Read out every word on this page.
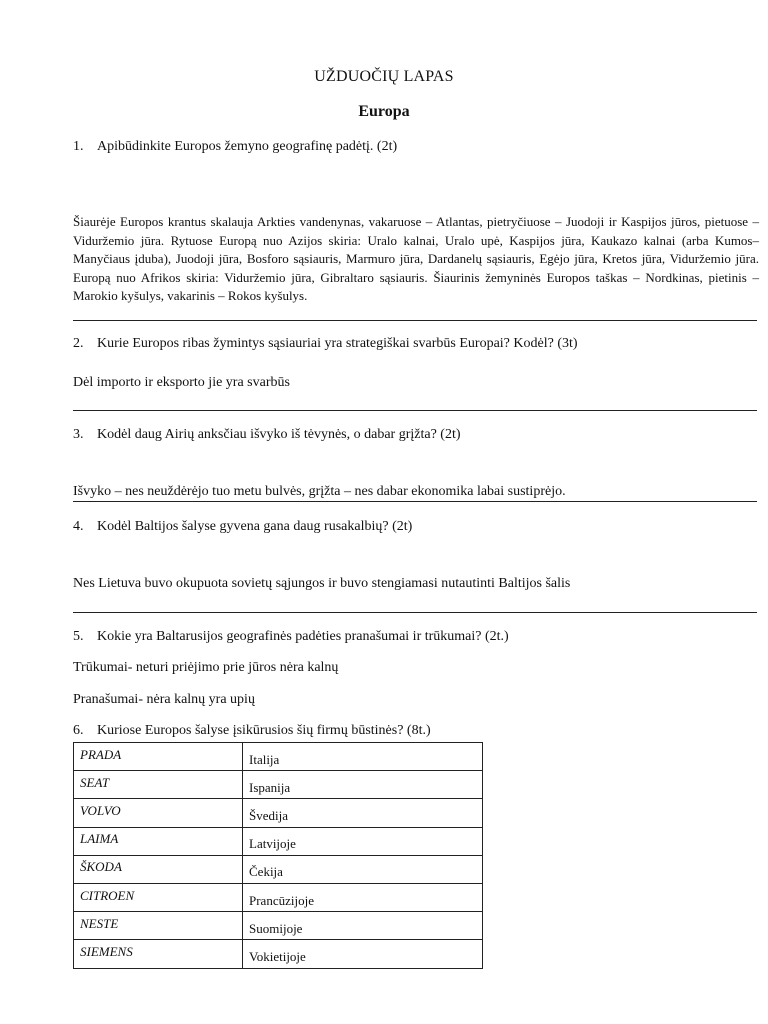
UŽDUOČIŲ LAPAS
Europa
1. Apibūdinkite Europos žemyno geografinę padėtį. (2t)
Šiaurėje Europos krantus skalauja Arkties vandenynas, vakaruose – Atlantas, pietryčiuose – Juodoji ir Kaspijos jūros, pietuose – Viduržemio jūra. Rytuose Europą nuo Azijos skiria: Uralo kalnai, Uralo upė, Kaspijos jūra, Kaukazo kalnai (arba Kumos–Manyčiaus įduba), Juodoji jūra, Bosforo sąsiauris, Marmuro jūra, Dardanelų sąsiauris, Egėjo jūra, Kretos jūra, Viduržemio jūra. Europą nuo Afrikos skiria: Viduržemio jūra, Gibraltaro sąsiauris. Šiaurinis žemyninės Europos taškas – Nordkinas, pietinis – Marokio kyšulys, vakarinis – Rokos kyšulys.
2. Kurie Europos ribas žymintys sąsiauriai yra strategiškai svarbūs Europai? Kodėl? (3t)
Dėl importo ir eksporto jie yra svarbūs
3. Kodėl daug Airių anksčiau išvyko iš tėvynės, o dabar grįžta? (2t)
Išvyko – nes neuždėrėjo tuo metu bulvės, grįžta – nes dabar ekonomika labai sustiprėjo.
4. Kodėl Baltijos šalyse gyvena gana daug rusakalbių? (2t)
Nes Lietuva buvo okupuota sovietų sąjungos ir buvo stengiamasi nutautinti Baltijos šalis
5. Kokie yra Baltarusijos geografinės padėties pranašumai ir trūkumai? (2t.)
Trūkumai- neturi priėjimo prie jūros nėra kalnų
Pranašumai- nėra kalnų yra upių
6. Kuriose Europos šalyse įsikūrusios šių firmų būstinės? (8t.)
PRADA	Italija
SEAT	Ispanija
VOLVO	Švedija
LAIMA	Latvijoje
ŠKODA	Čekija
CITROEN	Prancūzijoje
NESTE	Suomijoje
SIEMENS	Vokietijoje
